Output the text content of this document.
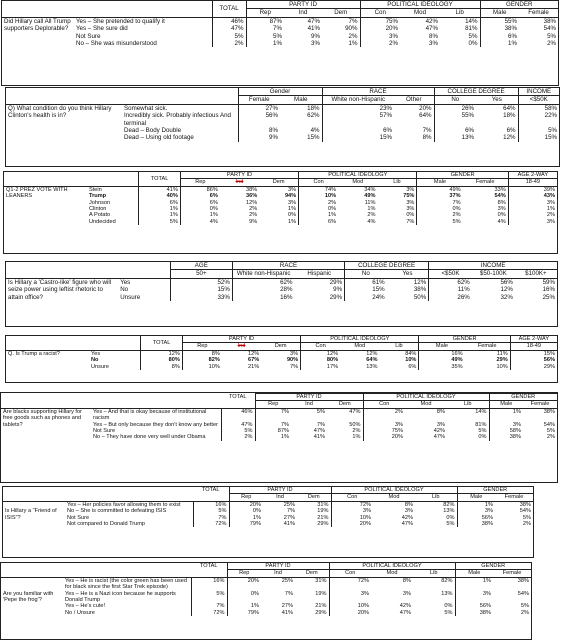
		TOTAL	PARTY ID			POLITICAL IDEOLOGY			GENDER	
			Rep	Ind	Dem	Con	Mod	Lib	Male	Female
Did Hillary call All Trump supporters Deplorable?	Yes – She pretended to qualify it	46%	87%	47%	7%	75%	42%	14%	55%	38%
	Yes – She sure did	47%	7%	41%	90%	20%	47%	81%	38%	54%
	Not Sure	5%	5%	9%	2%	3%	8%	5%	6%	5%
	No – She was misunderstood	2%	1%	3%	1%	2%	3%	0%	1%	2%
		Gender		RACE		COLLEGE DEGREE		INCOME
		Female	Male	White non-Hispanic	Other	No	Yes	<$50K
Q) What condition do you think Hillary Clinton's health is in?	Somewhat sick.	27%	18%	23%	20%	26%	64%	58%
	Incredibly sick. Probably infectious And terminal	56%	62%	57%	64%	55%	18%	22%
	Dead – Body Double	8%	4%	6%	7%	6%	6%	5%
	Dead – Using old footage	9%	15%	15%	8%	13%	12%	15%
		TOTAL	PARTY ID			POLITICAL IDEOLOGY			GENDER		AGE 2-WAY
			Rep	Ind	Dem	Con	Mod	Lib	Male	Female	18-49
Q1-2 PREZ VOTE WITH LEANERS	Stein	41%	86%	38%	3%	74%	34%	3%	49%	33%	39%
	Trump	40%	6%	36%	94%	10%	49%	75%	37%	54%	43%
	Johnson	6%	6%	12%	3%	2%	11%	3%	7%	8%	3%
	Clinton	1%	0%	2%	1%	0%	1%	3%	0%	3%	1%
	A Potato	1%	1%	2%	0%	1%	2%	0%	2%	0%	2%
	Undecided	5%	4%	9%	1%	6%	4%	7%	5%	4%	3%
		AGE	RACE		COLLEGE DEGREE		INCOME		
		50+	White non-Hispanic	Hispanic	No	Yes	<$50K	$50-100K	$100K+
Is Hillary a 'Castro-like' figure who will seize power using leftist rhetoric to attain office?	Yes	52%	62%	29%	61%	12%	62%	56%	59%
	No	15%	28%	9%	15%	38%	11%	12%	16%
	Unsure	33%	16%	29%	24%	50%	26%	32%	25%
		TOTAL	PARTY ID			POLITICAL IDEOLOGY			GENDER		AGE 2-WAY
			Rep	Ind	Dem	Con	Mod	Lib	Male	Female	18-49
Q. Is Trump a racist?	Yes	12%	8%	12%	3%	12%	12%	84%	16%	11%	15%
	No	80%	82%	67%	90%	80%	64%	10%	49%	29%	56%
	Unsure	8%	10%	21%	7%	17%	13%	6%	35%	10%	29%
		TOTAL	PARTY ID			POLITICAL IDEOLOGY			GENDER	
			Rep	Ind	Dem	Con	Mod	Lib	Male	Female
Are blacks supporting Hillary for free goods such as phones and tablets?	Yes – And that is okay because of institutional racism	46%	7%	5%	47%	2%	8%	14%	1%	38%
	Yes – But only because they don't know any better	47%	7%	7%	50%	3%	3%	81%	3%	54%
	Not Sure	5%	87%	47%	2%	75%	42%	5%	58%	5%
	No – They have done very well under Obama	2%	1%	41%	1%	20%	47%	0%	38%	2%
		TOTAL	PARTY ID			POLITICAL IDEOLOGY			GENDER	
			Rep	Ind	Dem	Con	Mod	Lib	Male	Female
Is Hillary a "Friend of ISIS"?	Yes – Her policies favor allowing them to exist	16%	20%	25%	31%	72%	8%	82%	1%	38%
	No – She is committed to defeating ISIS	5%	0%	7%	19%	3%	3%	13%	3%	54%
	Not Sure	7%	1%	27%	21%	10%	42%	0%	56%	5%
	Not compared to Donald Trump	72%	79%	41%	29%	20%	47%	5%	38%	2%
		TOTAL	PARTY ID			POLITICAL IDEOLOGY			GENDER	
			Rep	Ind	Dem	Con	Mod	Lib	Male	Female
Are you familiar with 'Pepe the frog'?	Yes – He is racist (the color green has been used for black since the first Star Trek episode)	16%	20%	25%	31%	72%	8%	82%	1%	38%
	Yes – He is a Nazi icon because he supports Donald Trump	5%	0%	7%	19%	3%	3%	13%	3%	54%
	Yes – He's cute!	7%	1%	27%	21%	10%	42%	0%	56%	5%
	No / Unsure	72%	79%	41%	29%	20%	47%	5%	38%	2%
